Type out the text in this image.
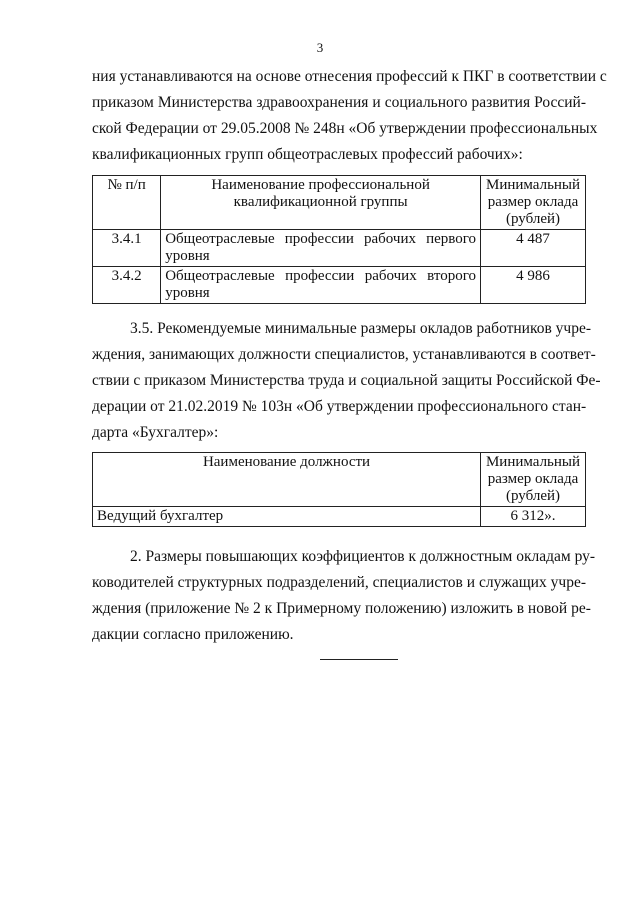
3

ния устанавливаются на основе отнесения профессий к ПКГ в соответствии с
приказом Министерства здравоохранения и социального развития Россий-
ской Федерации от 29.05.2008 № 248н «Об утверждении профессиональных
квалификационных групп общеотраслевых профессий рабочих»:

№ п/п	Наименование профессиональной квалификационной группы	Минимальный размер оклада (рублей)
3.4.1	Общеотраслевые профессии рабочих первого уровня	4 487
3.4.2	Общеотраслевые профессии рабочих второго уровня	4 986

3.5. Рекомендуемые минимальные размеры окладов работников учре-
ждения, занимающих должности специалистов, устанавливаются в соответ-
ствии с приказом Министерства труда и социальной защиты Российской Фе-
дерации от 21.02.2019 № 103н «Об утверждении профессионального стан-
дарта «Бухгалтер»:

Наименование должности	Минимальный размер оклада (рублей)
Ведущий бухгалтер	6 312».

2. Размеры повышающих коэффициентов к должностным окладам ру-
ководителей структурных подразделений, специалистов и служащих учре-
ждения (приложение № 2 к Примерному положению) изложить в новой ре-
дакции согласно приложению.
